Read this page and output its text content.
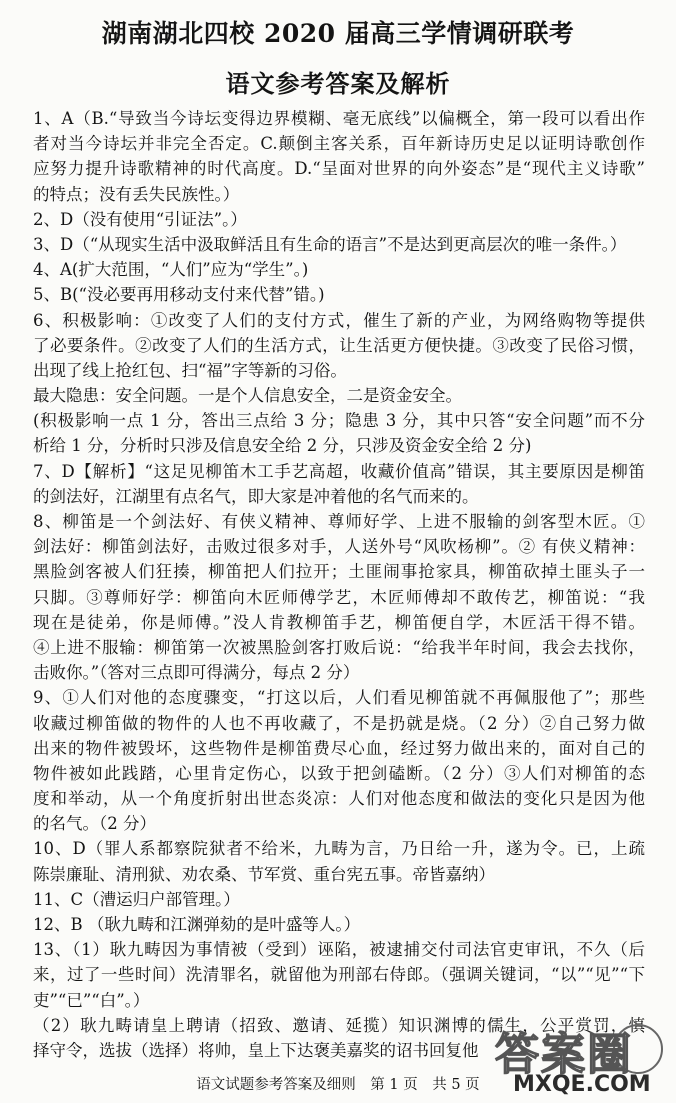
湖南湖北四校 2020 届高三学情调研联考
语文参考答案及解析
1、A（B.“导致当今诗坛变得边界模糊、毫无底线”以偏概全，第一段可以看出作
者对当今诗坛并非完全否定。C.颠倒主客关系，百年新诗历史足以证明诗歌创作
应努力提升诗歌精神的时代高度。D.“呈面对世界的向外姿态”是“现代主义诗歌”
的特点；没有丢失民族性。）
2、D（没有使用“引证法”。）
3、D（“从现实生活中汲取鲜活且有生命的语言”不是达到更高层次的唯一条件。）
4、A(扩大范围，“人们”应为“学生”。)
5、B(“没必要再用移动支付来代替”错。)
6、积极影响：①改变了人们的支付方式，催生了新的产业，为网络购物等提供
了必要条件。②改变了人们的生活方式，让生活更方便快捷。③改变了民俗习惯，
出现了线上抢红包、扫“福”字等新的习俗。
最大隐患：安全问题。一是个人信息安全，二是资金安全。
(积极影响一点 1 分，答出三点给 3 分；隐患 3 分，其中只答“安全问题”而不分
析给 1 分，分析时只涉及信息安全给 2 分，只涉及资金安全给 2 分)
7、D【解析】“这足见柳笛木工手艺高超，收藏价值高”错误，其主要原因是柳笛
的剑法好，江湖里有点名气，即大家是冲着他的名气而来的。
8、柳笛是一个剑法好、有侠义精神、尊师好学、上进不服输的剑客型木匠。①
剑法好：柳笛剑法好，击败过很多对手，人送外号“风吹杨柳”。② 有侠义精神：
黑脸剑客被人们狂揍，柳笛把人们拉开；土匪闹事抢家具，柳笛砍掉土匪头子一
只脚。③尊师好学：柳笛向木匠师傅学艺，木匠师傅却不敢传艺，柳笛说：“我
现在是徒弟，你是师傅。”没人肯教柳笛手艺，柳笛便自学，木匠活干得不错。
④上进不服输：柳笛第一次被黑脸剑客打败后说：“给我半年时间，我会去找你，
击败你。”（答对三点即可得满分，每点 2 分）
9、①人们对他的态度骤变，“打这以后，人们看见柳笛就不再佩服他了”；那些
收藏过柳笛做的物件的人也不再收藏了，不是扔就是烧。（2 分）②自己努力做
出来的物件被毁坏，这些物件是柳笛费尽心血，经过努力做出来的，面对自己的
物件被如此践踏，心里肯定伤心，以致于把剑磕断。（2 分）③人们对柳笛的态
度和举动，从一个角度折射出世态炎凉：人们对他态度和做法的变化只是因为他
的名气。（2 分）
10、D（罪人系都察院狱者不给米，九畴为言，乃日给一升，遂为令。已，上疏
陈崇廉耻、清刑狱、劝农桑、节军赏、重台宪五事。帝皆嘉纳）
11、C（漕运归户部管理。）
12、B （耿九畴和江渊弹劾的是叶盛等人。）
13、（1）耿九畴因为事情被（受到）诬陷，被逮捕交付司法官吏审讯，不久（后
来，过了一些时间）洗清罪名，就留他为刑部右侍郎。（强调关键词，“以”“见”“下
吏”“已”“白”。）
（2）耿九畴请皇上聘请（招致、邀请、延揽）知识渊博的儒生，公平赏罚，慎
择守令，选拔（选择）将帅，皇上下达褒美嘉奖的诏书回复他
语文试题参考答案及细则　第 1 页　共 5 页
答案圈
MXQE.COM
